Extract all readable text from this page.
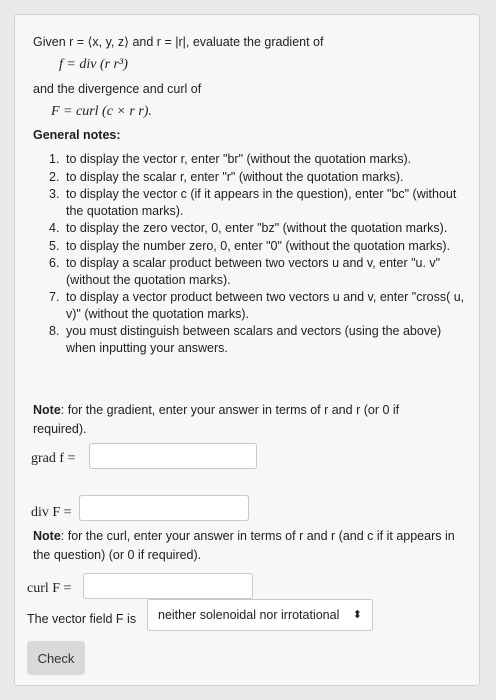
Given r = ⟨x, y, z⟩ and r = |r|, evaluate the gradient of
f = div (r r³)
and the divergence and curl of
F = curl (c × r r).
General notes:
1. to display the vector r, enter "br" (without the quotation marks).
2. to display the scalar r, enter "r" (without the quotation marks).
3. to display the vector c (if it appears in the question), enter "bc" (without the quotation marks).
4. to display the zero vector, 0, enter "bz" (without the quotation marks).
5. to display the number zero, 0, enter "0" (without the quotation marks).
6. to display a scalar product between two vectors u and v, enter "u. v" (without the quotation marks).
7. to display a vector product between two vectors u and v, enter "cross( u, v)" (without the quotation marks).
8. you must distinguish between scalars and vectors (using the above) when inputting your answers.
Note: for the gradient, enter your answer in terms of r and r (or 0 if required).
grad f =
div F =
Note: for the curl, enter your answer in terms of r and r (and c if it appears in the question) (or 0 if required).
curl F =
The vector field F is	neither solenoidal nor irrotational ⬍
Check
